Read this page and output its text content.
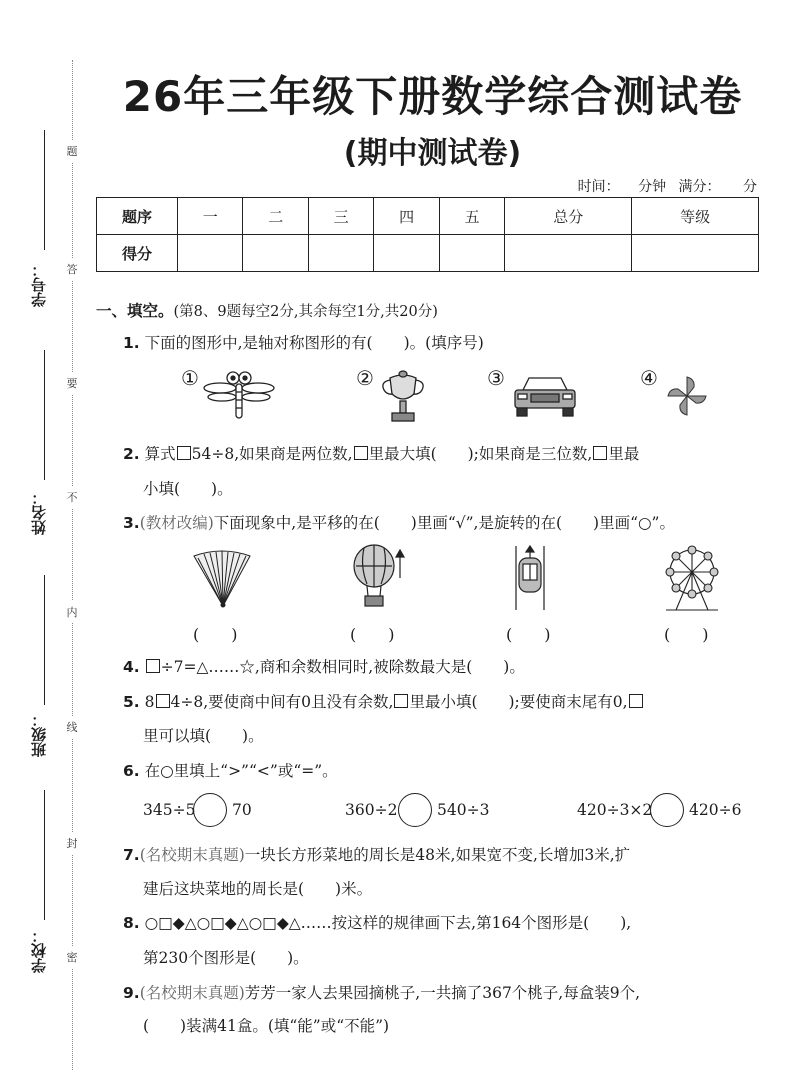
题
答
要
不
内
线
封
密
学号：
姓名：
班级：
学校：
26年三年级下册数学综合测试卷
(期中测试卷)
时间： 分钟 满分： 分
题序	一	二	三	四	五	总分	等级
得分							
一、填空。(第8、9题每空2分,其余每空1分,共20分)
1. 下面的图形中,是轴对称图形的有(　　)。(填序号)
①	②	③	④
2. 算式 54÷8,如果商是两位数, 里最大填(　　);如果商是三位数, 里最
小填(　　)。
3.(教材改编)下面现象中,是平移的在(　　)里画“√”,是旋转的在(　　)里画“○”。
(　　)	(　　)	(　　)	(　　)
4. ÷7=△……☆,商和余数相同时,被除数最大是(　　)。
5. 8 4÷8,要使商中间有0且没有余数, 里最小填(　　);要使商末尾有0,
里可以填(　　)。
6. 在○里填上“>”“<”或“=”。
345÷5 70	360÷2	540÷3	420÷3×2 420÷6
7.(名校期末真题)一块长方形菜地的周长是48米,如果宽不变,长增加3米,扩
建后这块菜地的周长是(　　)米。
8. ○□◆△○□◆△○□◆△……按这样的规律画下去,第164个图形是(　　),
第230个图形是(　　)。
9.(名校期末真题)芳芳一家人去果园摘桃子,一共摘了367个桃子,每盒装9个,
(　　)装满41盒。(填“能”或“不能”)
